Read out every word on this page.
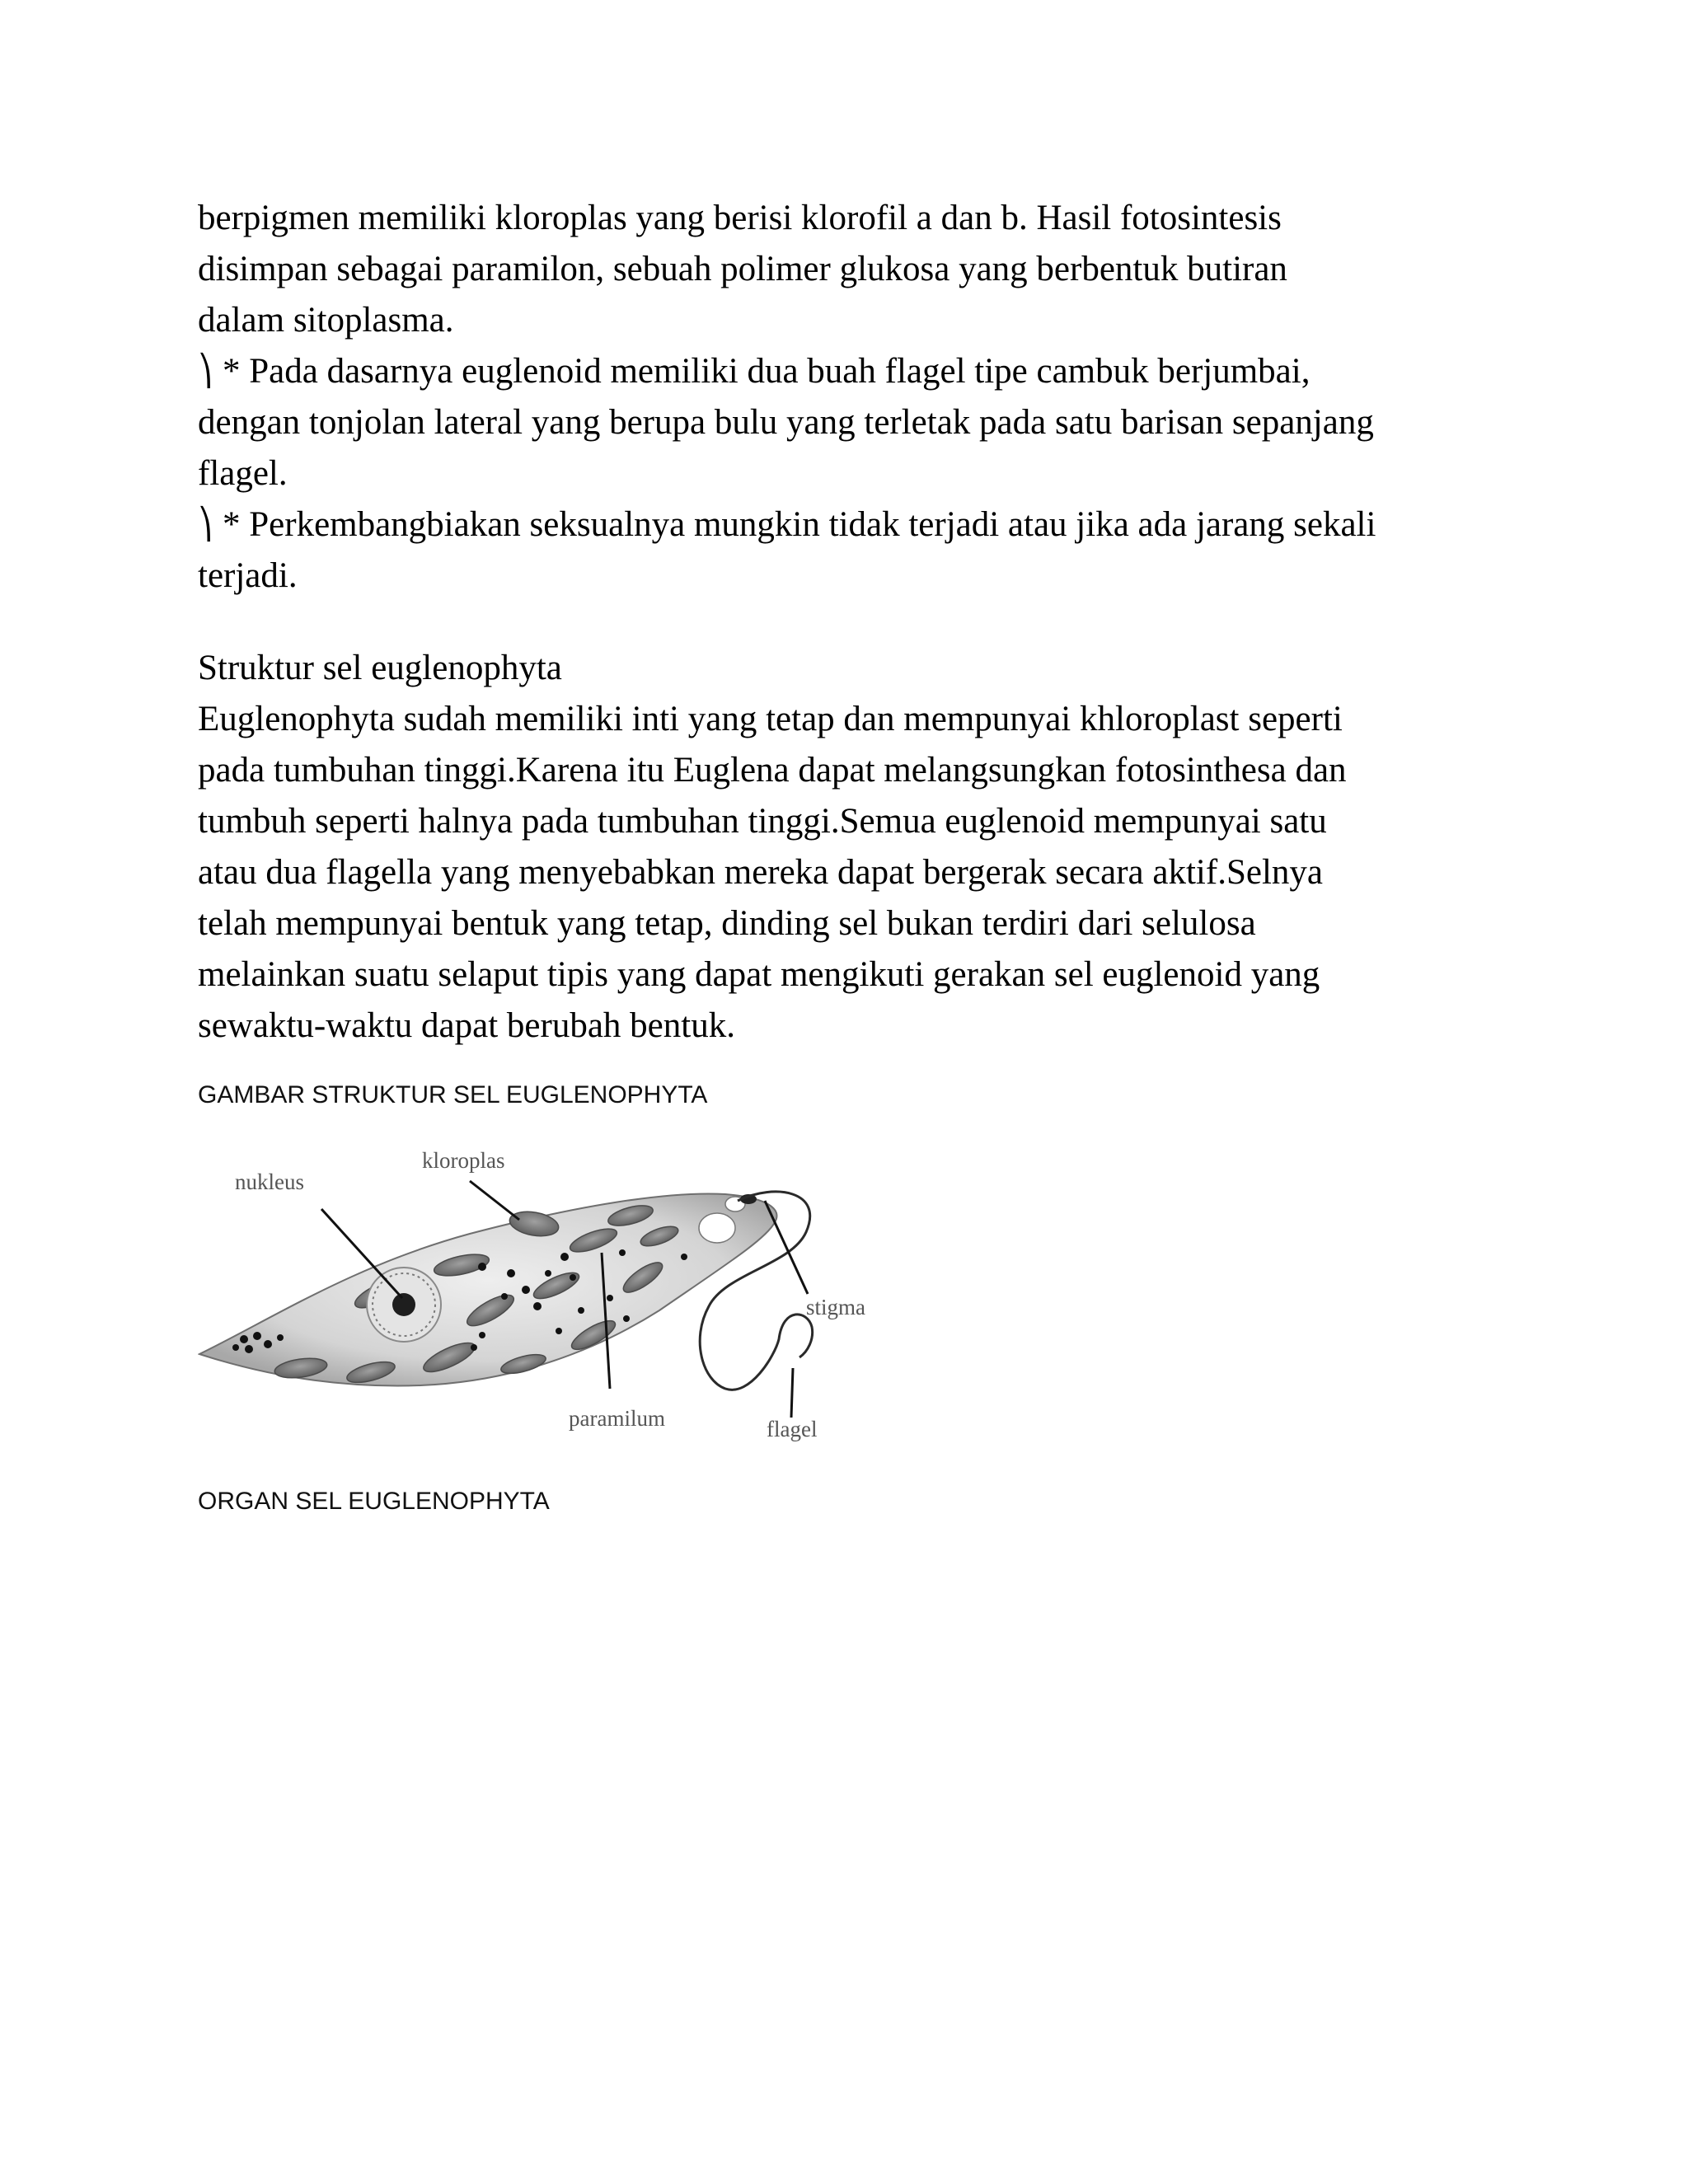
berpigmen memiliki kloroplas yang berisi klorofil a dan b. Hasil fotosintesis
disimpan sebagai paramilon, sebuah polimer glukosa yang berbentuk butiran
dalam sitoplasma.
⎞ * Pada dasarnya euglenoid memiliki dua buah flagel tipe cambuk berjumbai,
dengan tonjolan lateral yang berupa bulu yang terletak pada satu barisan sepanjang
flagel.
⎞ * Perkembangbiakan seksualnya mungkin tidak terjadi atau jika ada jarang sekali
terjadi.
Struktur sel euglenophyta
Euglenophyta sudah memiliki inti yang tetap dan mempunyai khloroplast seperti
pada tumbuhan tinggi.Karena itu Euglena dapat melangsungkan fotosinthesa dan
tumbuh seperti halnya pada tumbuhan tinggi.Semua euglenoid mempunyai satu
atau dua flagella yang menyebabkan mereka dapat bergerak secara aktif.Selnya
telah mempunyai bentuk yang tetap, dinding sel bukan terdiri dari selulosa
melainkan suatu selaput tipis yang dapat mengikuti gerakan sel euglenoid yang
sewaktu-waktu dapat berubah bentuk.
GAMBAR STRUKTUR SEL EUGLENOPHYTA
nukleus
kloroplas
stigma
paramilum	flagel
ORGAN SEL EUGLENOPHYTA
